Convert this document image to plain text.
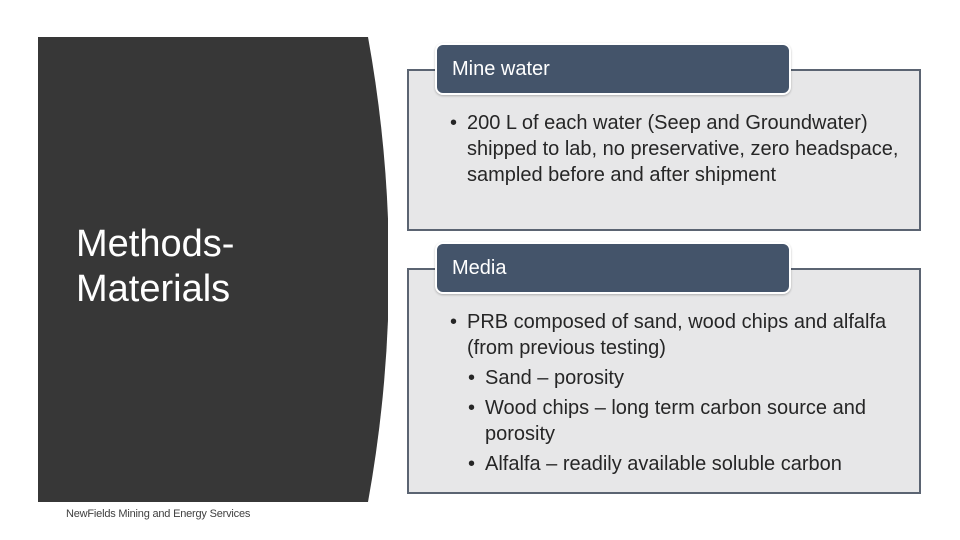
Methods-
Materials
NewFields Mining and Energy Services
Mine water
• 200 L of each water (Seep and Groundwater) shipped to lab, no preservative, zero headspace, sampled before and after shipment
Media
• PRB composed of sand, wood chips and alfalfa (from previous testing)
• Sand – porosity
• Wood chips – long term carbon source and porosity
• Alfalfa – readily available soluble carbon
